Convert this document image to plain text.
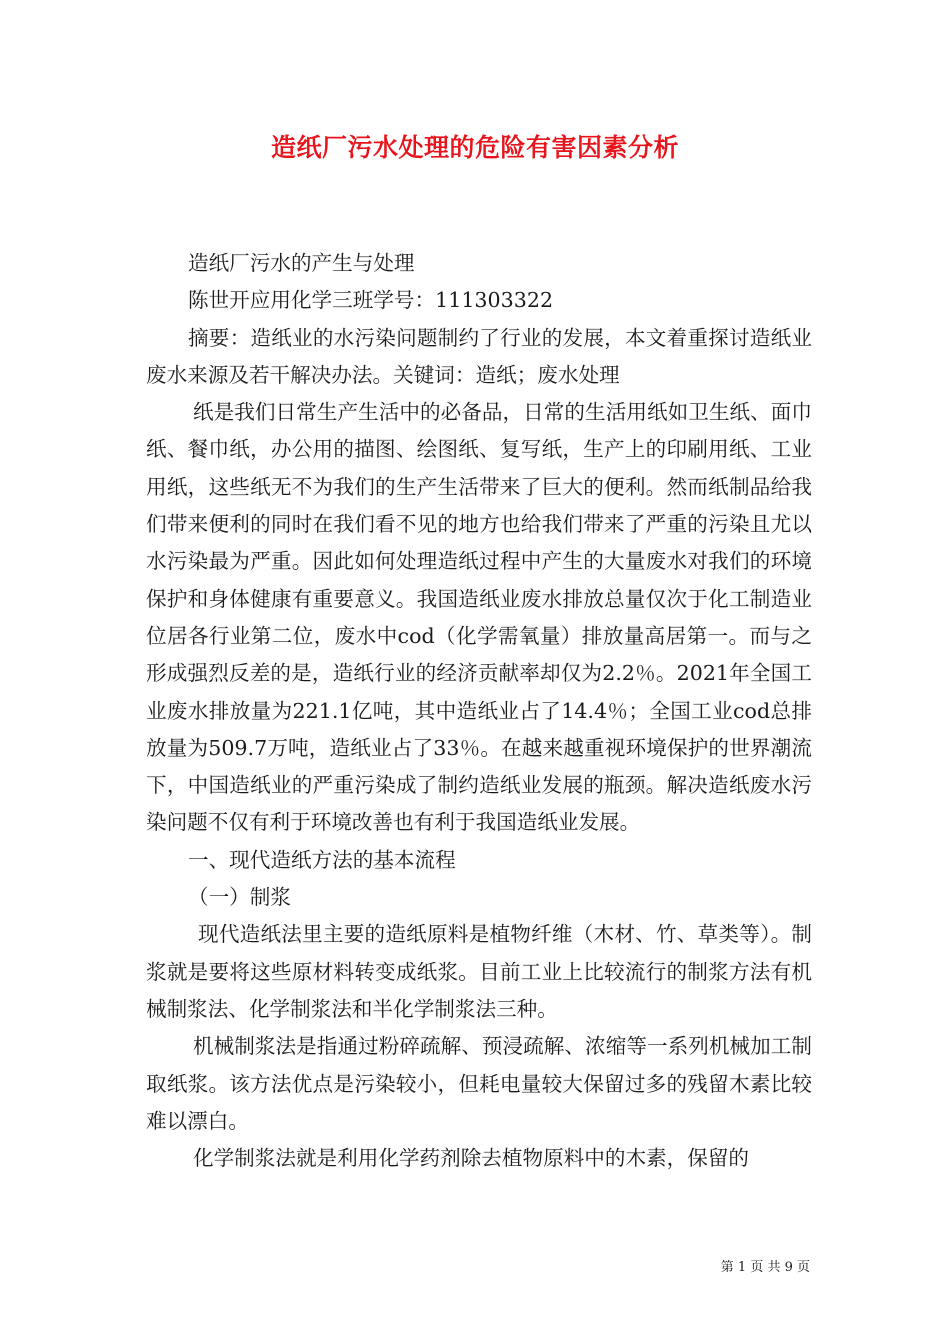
造纸厂污水处理的危险有害因素分析

造纸厂污水的产生与处理

陈世开应用化学三班学号：111303322

摘要：造纸业的水污染问题制约了行业的发展，本文着重探讨造纸业废水来源及若干解决办法。关键词：造纸；废水处理

纸是我们日常生产生活中的必备品，日常的生活用纸如卫生纸、面巾纸、餐巾纸，办公用的描图、绘图纸、复写纸，生产上的印刷用纸、工业用纸，这些纸无不为我们的生产生活带来了巨大的便利。然而纸制品给我们带来便利的同时在我们看不见的地方也给我们带来了严重的污染且尤以水污染最为严重。因此如何处理造纸过程中产生的大量废水对我们的环境保护和身体健康有重要意义。我国造纸业废水排放总量仅次于化工制造业位居各行业第二位，废水中cod（化学需氧量）排放量高居第一。而与之形成强烈反差的是，造纸行业的经济贡献率却仅为2.2％。2021年全国工业废水排放量为221.1亿吨，其中造纸业占了14.4％；全国工业cod总排放量为509.7万吨，造纸业占了33％。在越来越重视环境保护的世界潮流下，中国造纸业的严重污染成了制约造纸业发展的瓶颈。解决造纸废水污染问题不仅有利于环境改善也有利于我国造纸业发展。

一、现代造纸方法的基本流程

（一）制浆

现代造纸法里主要的造纸原料是植物纤维（木材、竹、草类等）。制浆就是要将这些原材料转变成纸浆。目前工业上比较流行的制浆方法有机械制浆法、化学制浆法和半化学制浆法三种。

机械制浆法是指通过粉碎疏解、预浸疏解、浓缩等一系列机械加工制取纸浆。该方法优点是污染较小，但耗电量较大保留过多的残留木素比较难以漂白。

化学制浆法就是利用化学药剂除去植物原料中的木素，保留的

第 1 页 共 9 页
